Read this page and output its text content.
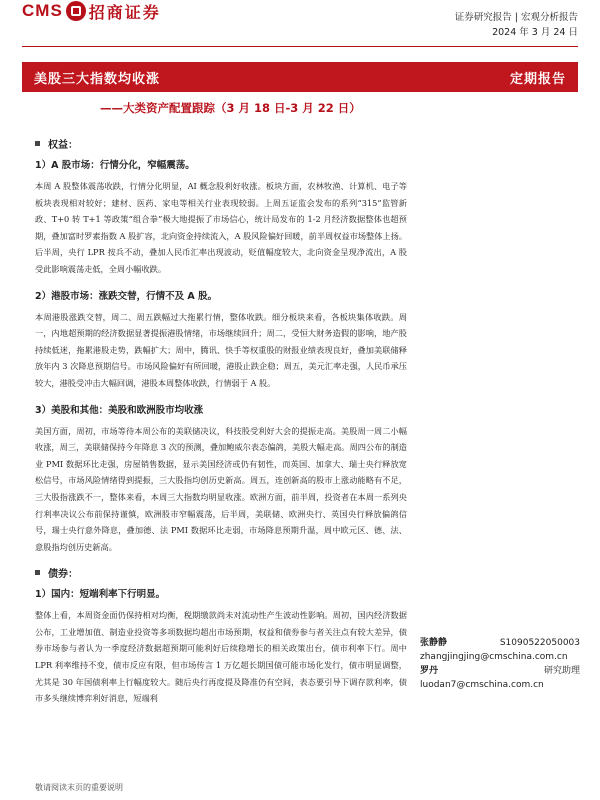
CMS 招商证券	证券研究报告 | 宏观分析报告
2024 年 3 月 24 日
美股三大指数均收涨	定期报告
——大类资产配置跟踪（3 月 18 日-3 月 22 日）
权益：
1）A 股市场：行情分化，窄幅震荡。
本周 A 股整体震荡收跌，行情分化明显，AI 概念股利好收涨。板块方面，农林牧渔、计算机、电子等板块表现相对较好；建材、医药、家电等相关行业表现较弱。上周五证监会发布的系列“315”监管新政、T+0 转 T+1 等政策“组合拳”极大地提振了市场信心，统计局发布的 1-2 月经济数据整体也超预期，叠加富时罗素指数 A 股扩容，北向资金持续流入，A 股风险偏好回暖，前半周权益市场整体上扬。后半周，央行 LPR 按兵不动，叠加人民币汇率出现波动，贬值幅度较大，北向资金呈现净流出，A 股受此影响震荡走低，全周小幅收跌。
2）港股市场：涨跌交替，行情不及 A 股。
本周港股涨跌交替，周二、周五跌幅过大拖累行情，整体收跌。细分板块来看，各板块集体收跌。周一，内地超预期的经济数据显著提振港股情绪，市场继续回升；周二，受恒大财务造假的影响，地产股持续低迷，拖累港股走势，跌幅扩大；周中，腾讯、快手等权重股的财报业绩表现良好，叠加美联储释放年内 3 次降息预期信号。市场风险偏好有所回暖，港股止跌企稳；周五，美元汇率走强，人民币承压较大，港股受冲击大幅回调，港股本周整体收跌，行情弱于 A 股。
3）美股和其他：美股和欧洲股市均收涨
美国方面，周初，市场等待本周公布的美联储决议，科技股受利好大会的提振走高。美股周一周二小幅收涨，周三，美联储保持今年降息 3 次的预测，叠加鲍威尔表态偏鸽，美股大幅走高。周四公布的制造业 PMI 数据环比走强，房屋销售数据，显示美国经济或仍有韧性，而英国、加拿大、瑞士央行释放宽松信号，市场风险情绪得到提振，三大股指均创历史新高。周五，连创新高的股市上涨动能略有不足，三大股指涨跌不一，整体来看，本周三大指数均明显收涨。欧洲方面，前半周，投资者在本周一系列央行利率决议公布前保持谨慎，欧洲股市窄幅震荡，后半周，美联储、欧洲央行、英国央行释放偏鸽信号，瑞士央行意外降息，叠加德、法 PMI 数据环比走弱，市场降息预期升温，周中欧元区、德、法、意股指均创历史新高。
债券：
1）国内：短端利率下行明显。
整体上看，本周资金面仍保持相对均衡，税期缴款尚未对流动性产生波动性影响。周初，国内经济数据公布，工业增加值、制造业投资等多项数据均超出市场预期，权益和债券参与者关注点有较大差异，债券市场参与者认为一季度经济数据超预期可能利好后续稳增长的相关政策出台，债市利率下行。周中 LPR 利率维持不变，债市反应有限，但市场传言 1 万亿超长期国债可能市场化发行，债市明显调整，尤其是 30 年国债利率上行幅度较大。随后央行再度提及降准仍有空间，表态要引导下调存款利率，债市多头继续博弈利好消息，短端利
张静静	S1090522050003
zhangjingjing@cmschina.com.cn
罗丹	研究助理
luodan7@cmschina.com.cn
敬请阅读末页的重要说明
